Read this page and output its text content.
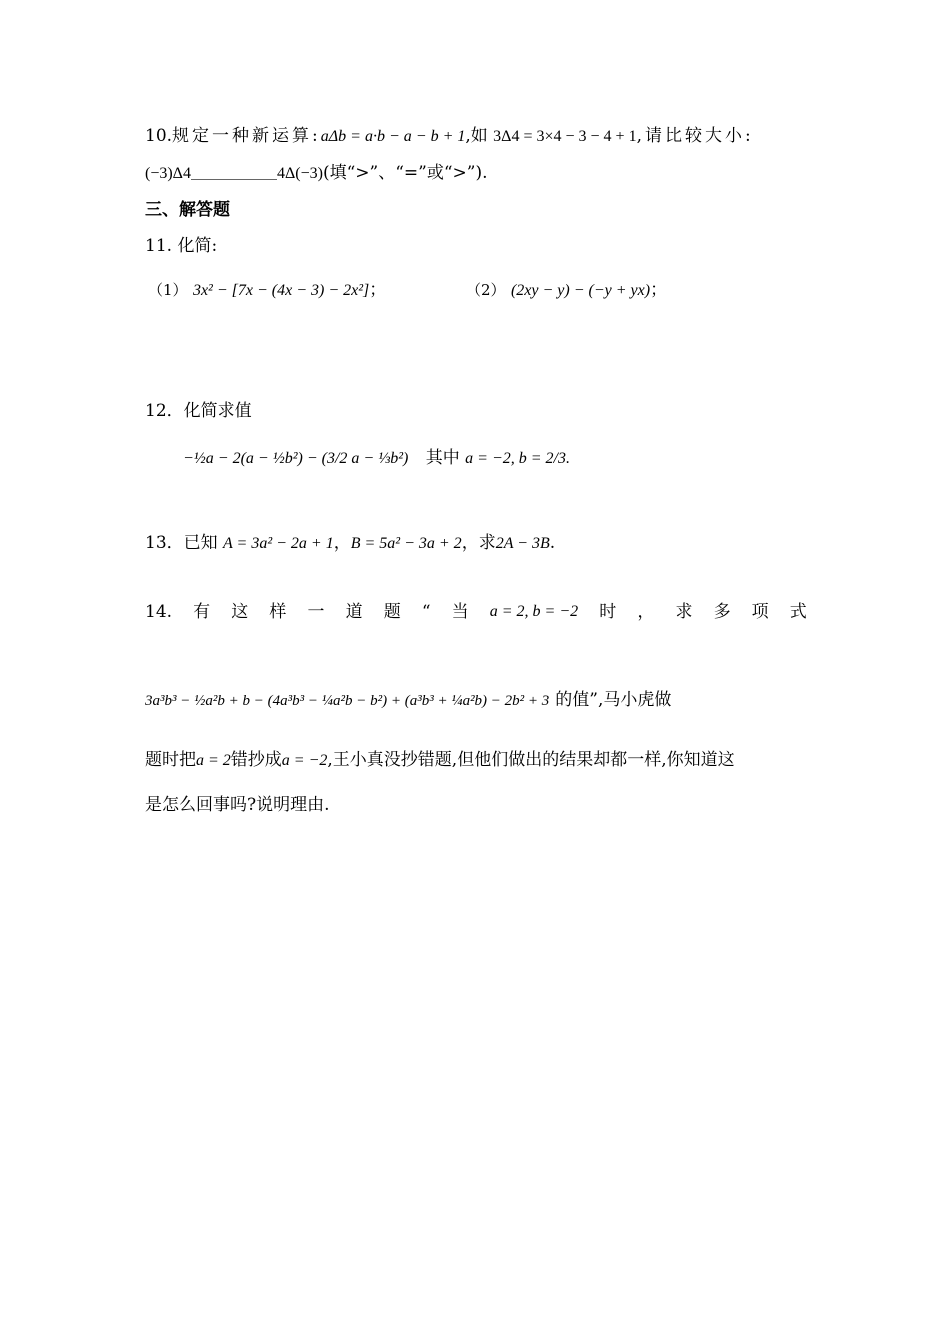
10.规定一种新运算:aΔb = a·b − a − b + 1,如 3Δ4 = 3×4 − 3 − 4 + 1,请比较大小:
(−3)Δ4	4Δ(−3)(填“>”、“=”或“>”).
三、解答题
11. 化简:
（1） 3x² − [7x − (4x − 3) − 2x²]；	（2） (2xy − y) − (−y + yx)；
12．化简求值
−½a − 2(a − ½b²) − (3/2 a − ⅓b²) 其中 a = −2, b = 2/3.
13．已知 A = 3a² − 2a + 1，B = 5a² − 3a + 2，求2A − 3B.
14. 有 这 样 一 道 题 “ 当 a = 2, b = −2 时 ， 求 多 项 式
3a³b³ − ½a²b + b − (4a³b³ − ¼a²b − b²) + (a³b³ + ¼a²b) − 2b² + 3 的值”,马小虎做
题时把a = 2错抄成a = −2,王小真没抄错题,但他们做出的结果却都一样,你知道这
是怎么回事吗?说明理由.
